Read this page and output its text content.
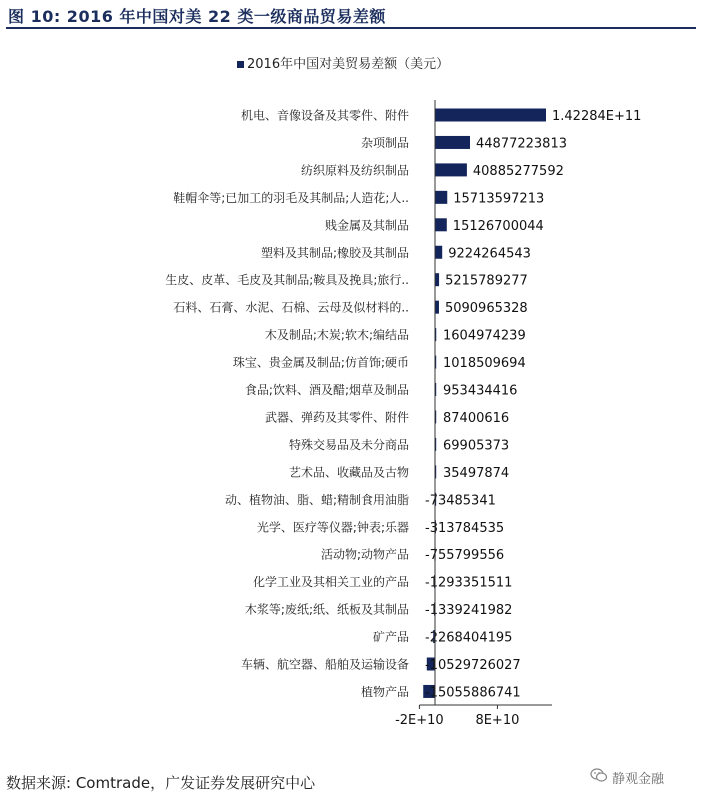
图 10: 2016 年中国对美 22 类一级商品贸易差额
2016年中国对美贸易差额（美元）
机电、音像设备及其零件、附件
杂项制品
纺织原料及纺织制品
鞋帽伞等;已加工的羽毛及其制品;人造花;人..
贱金属及其制品
塑料及其制品;橡胶及其制品
生皮、皮革、毛皮及其制品;鞍具及挽具;旅行..
石料、石膏、水泥、石棉、云母及似材料的..
木及制品;木炭;软木;编结品
珠宝、贵金属及制品;仿首饰;硬币
食品;饮料、酒及醋;烟草及制品
武器、弹药及其零件、附件
特殊交易品及未分商品
艺术品、收藏品及古物
动、植物油、脂、蜡;精制食用油脂
光学、医疗等仪器;钟表;乐器
活动物;动物产品
化学工业及其相关工业的产品
木浆等;废纸;纸、纸板及其制品
矿产品
车辆、航空器、船舶及运输设备
植物产品
1.42284E+11
44877223813
40885277592
15713597213
15126700044
9224264543
5215789277
5090965328
1604974239
1018509694
953434416
87400616
69905373
35497874
-73485341
-313784535
-755799556
-1293351511
-1339241982
-2268404195
-10529726027
-15055886741
-2E+10 8E+10
数据来源: Comtrade，广发证券发展研究中心	静观金融
